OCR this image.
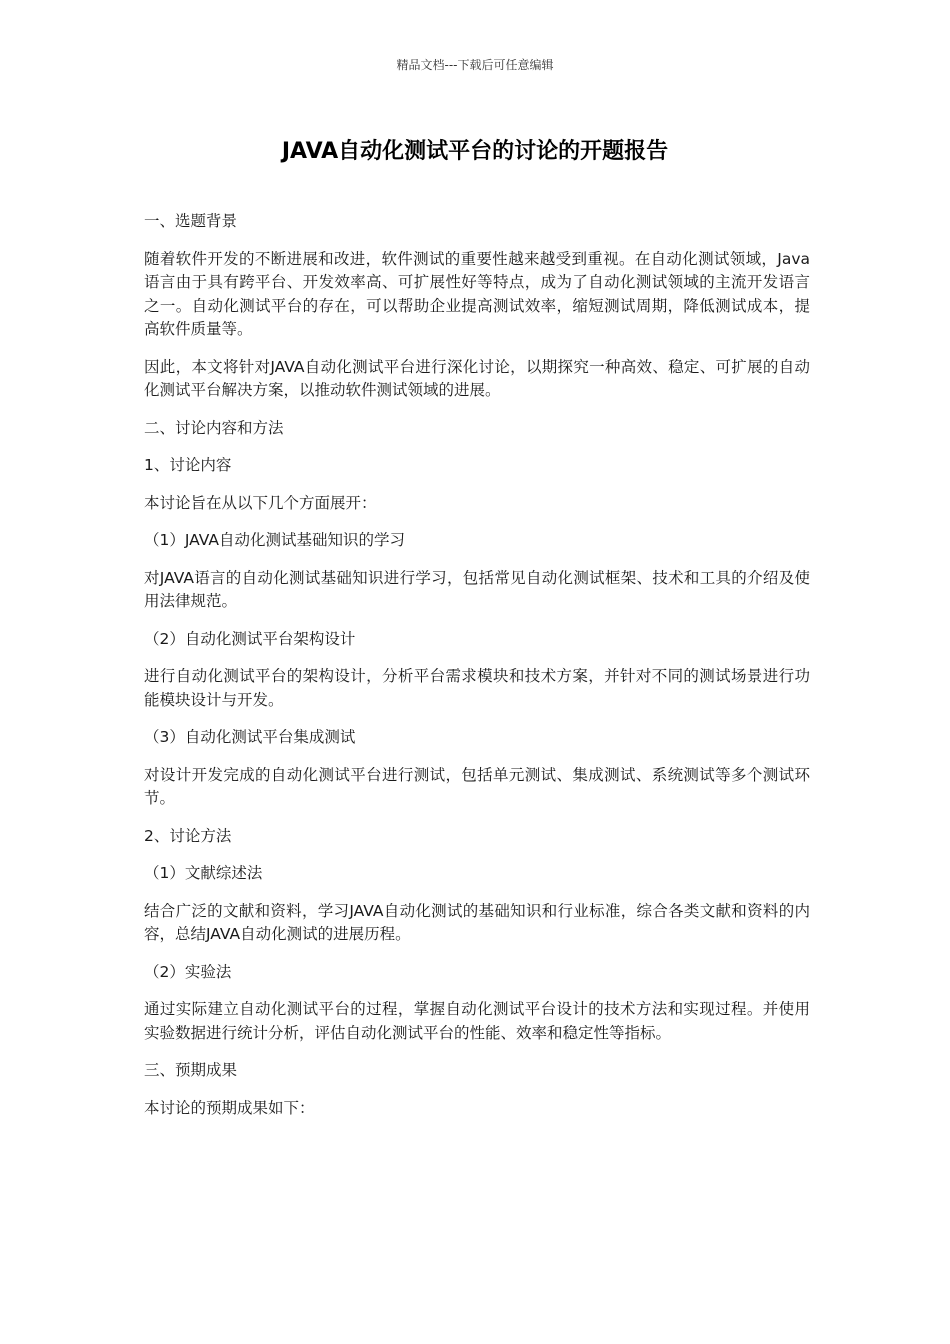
精品文档---下载后可任意编辑
JAVA自动化测试平台的讨论的开题报告

一、选题背景

随着软件开发的不断进展和改进，软件测试的重要性越来越受到重视。在自动化测试领域，Java语言由于具有跨平台、开发效率高、可扩展性好等特点，成为了自动化测试领域的主流开发语言之一。自动化测试平台的存在，可以帮助企业提高测试效率，缩短测试周期，降低测试成本，提高软件质量等。

因此，本文将针对JAVA自动化测试平台进行深化讨论，以期探究一种高效、稳定、可扩展的自动化测试平台解决方案，以推动软件测试领域的进展。

二、讨论内容和方法

1、讨论内容

本讨论旨在从以下几个方面展开：

（1）JAVA自动化测试基础知识的学习

对JAVA语言的自动化测试基础知识进行学习，包括常见自动化测试框架、技术和工具的介绍及使用法律规范。

（2）自动化测试平台架构设计

进行自动化测试平台的架构设计，分析平台需求模块和技术方案，并针对不同的测试场景进行功能模块设计与开发。

（3）自动化测试平台集成测试

对设计开发完成的自动化测试平台进行测试，包括单元测试、集成测试、系统测试等多个测试环节。

2、讨论方法

（1）文献综述法

结合广泛的文献和资料，学习JAVA自动化测试的基础知识和行业标准，综合各类文献和资料的内容，总结JAVA自动化测试的进展历程。

（2）实验法

通过实际建立自动化测试平台的过程，掌握自动化测试平台设计的技术方法和实现过程。并使用实验数据进行统计分析，评估自动化测试平台的性能、效率和稳定性等指标。

三、预期成果

本讨论的预期成果如下：
